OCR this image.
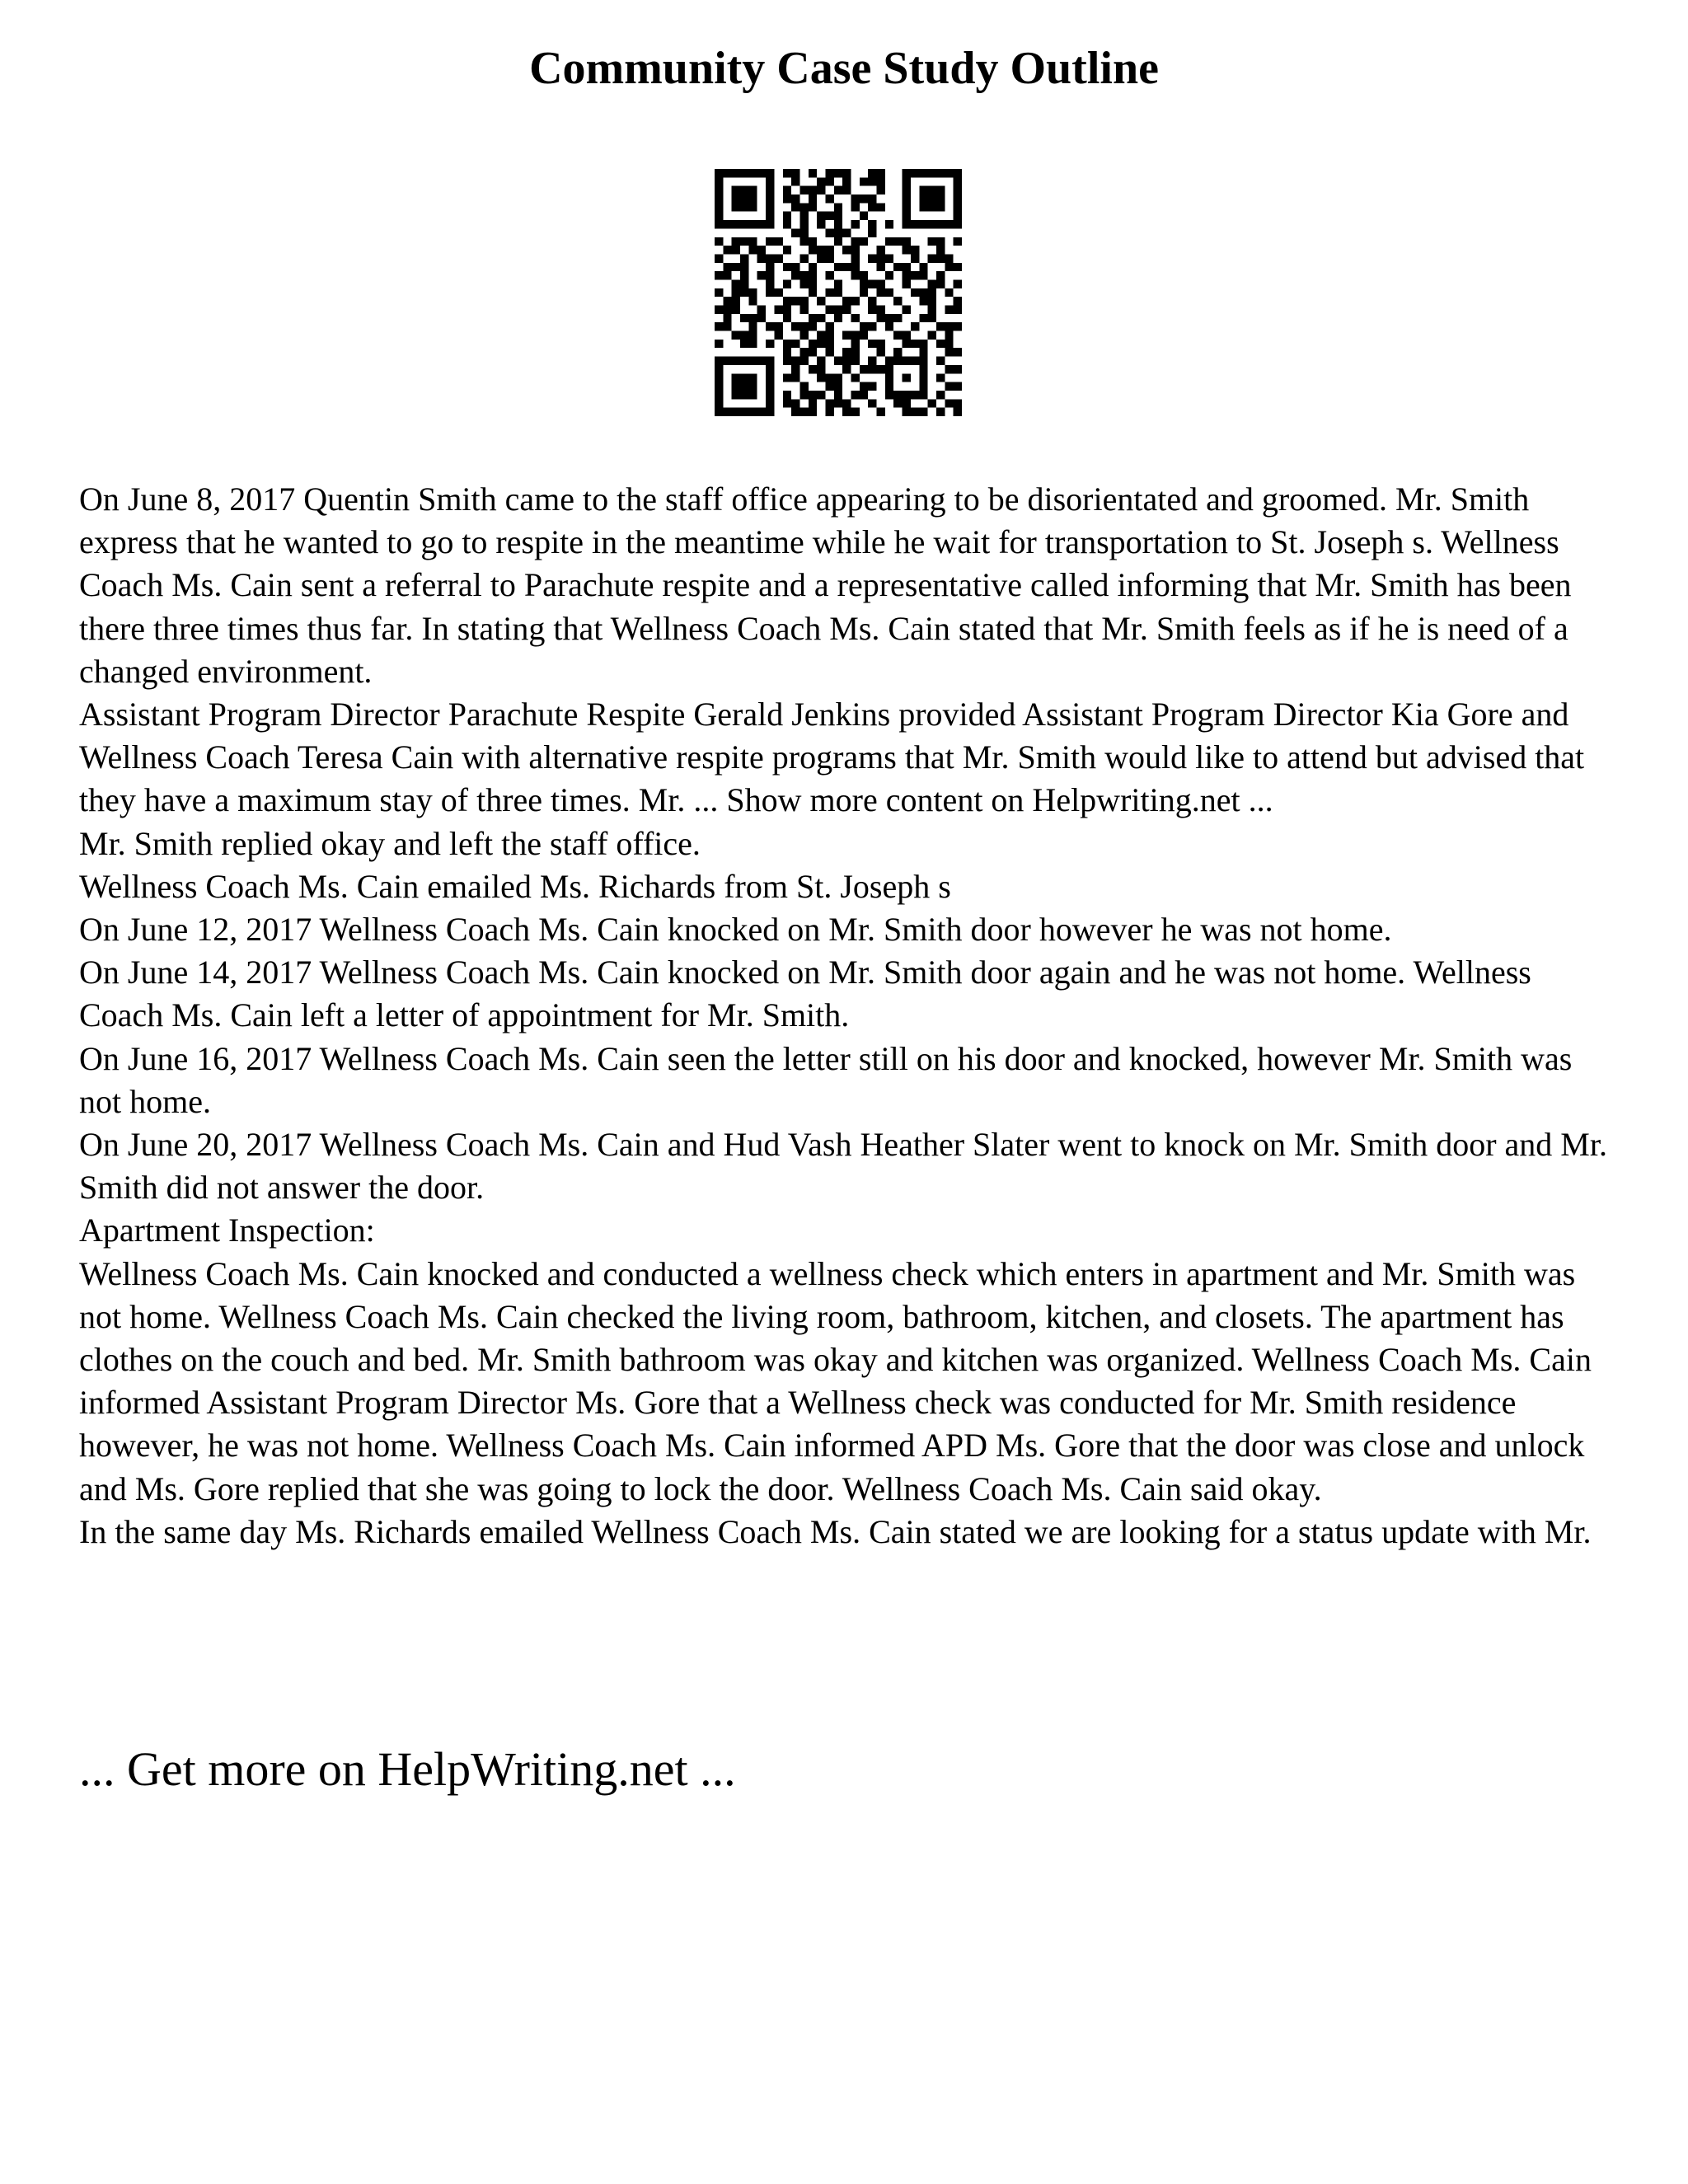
Community Case Study Outline

On June 8, 2017 Quentin Smith came to the staff office appearing to be disorientated and groomed. Mr. Smith express that he wanted to go to respite in the meantime while he wait for transportation to St. Joseph s. Wellness Coach Ms. Cain sent a referral to Parachute respite and a representative called informing that Mr. Smith has been there three times thus far. In stating that Wellness Coach Ms. Cain stated that Mr. Smith feels as if he is need of a changed environment.

Assistant Program Director Parachute Respite Gerald Jenkins provided Assistant Program Director Kia Gore and Wellness Coach Teresa Cain with alternative respite programs that Mr. Smith would like to attend but advised that they have a maximum stay of three times. Mr. ... Show more content on Helpwriting.net ...

Mr. Smith replied okay and left the staff office.

Wellness Coach Ms. Cain emailed Ms. Richards from St. Joseph s

On June 12, 2017 Wellness Coach Ms. Cain knocked on Mr. Smith door however he was not home.

On June 14, 2017 Wellness Coach Ms. Cain knocked on Mr. Smith door again and he was not home. Wellness Coach Ms. Cain left a letter of appointment for Mr. Smith.

On June 16, 2017 Wellness Coach Ms. Cain seen the letter still on his door and knocked, however Mr. Smith was not home.

On June 20, 2017 Wellness Coach Ms. Cain and Hud Vash Heather Slater went to knock on Mr. Smith door and Mr. Smith did not answer the door.

Apartment Inspection:

Wellness Coach Ms. Cain knocked and conducted a wellness check which enters in apartment and Mr. Smith was not home. Wellness Coach Ms. Cain checked the living room, bathroom, kitchen, and closets. The apartment has clothes on the couch and bed. Mr. Smith bathroom was okay and kitchen was organized. Wellness Coach Ms. Cain informed Assistant Program Director Ms. Gore that a Wellness check was conducted for Mr. Smith residence however, he was not home. Wellness Coach Ms. Cain informed APD Ms. Gore that the door was close and unlock and Ms. Gore replied that she was going to lock the door. Wellness Coach Ms. Cain said okay.

In the same day Ms. Richards emailed Wellness Coach Ms. Cain stated we are looking for a status update with Mr.

... Get more on HelpWriting.net ...
